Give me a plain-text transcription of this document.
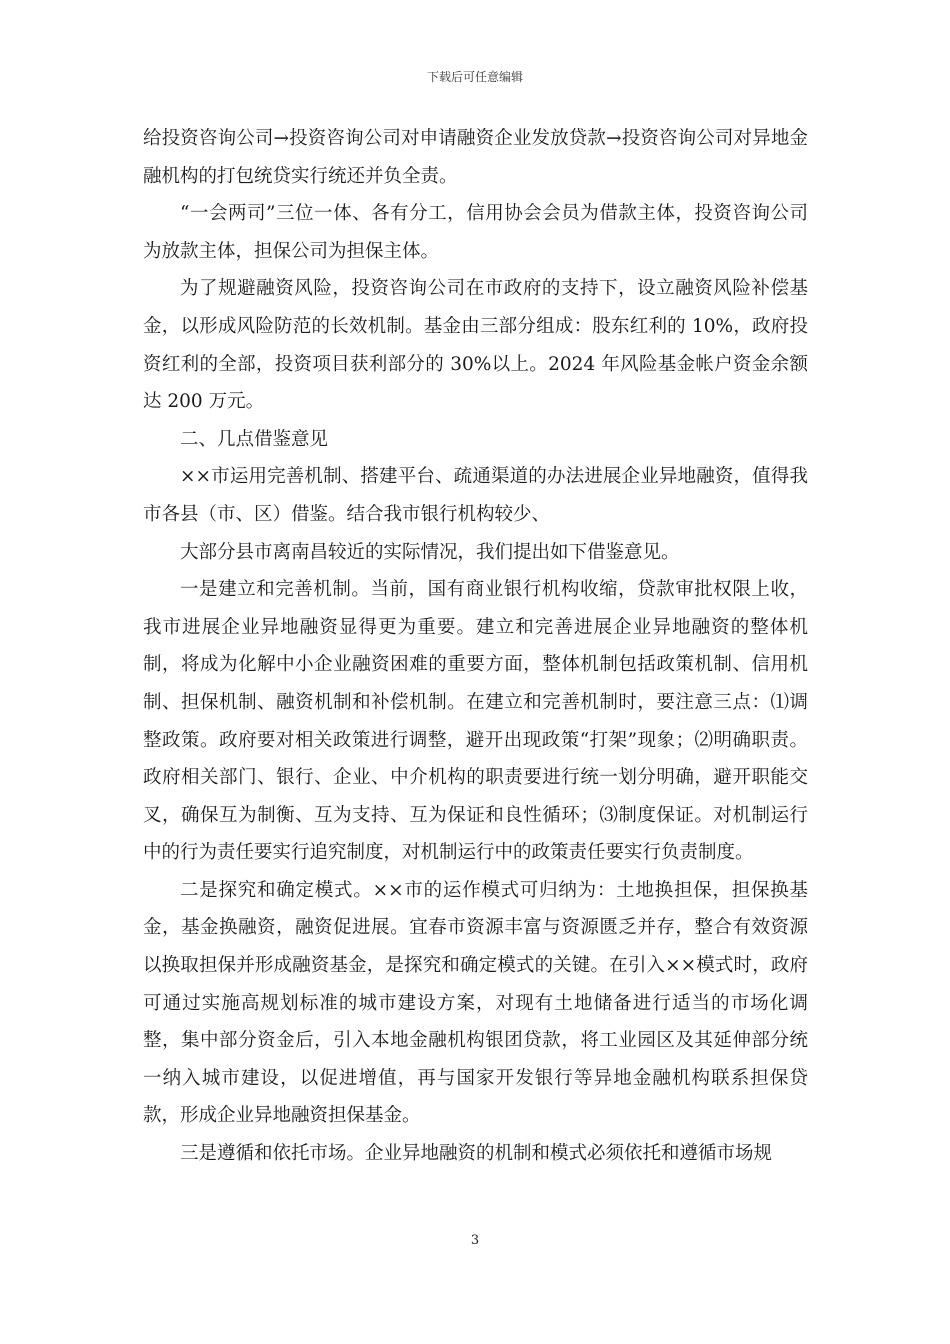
下载后可任意编辑

给投资咨询公司→投资咨询公司对申请融资企业发放贷款→投资咨询公司对异地金融机构的打包统贷实行统还并负全责。

“一会两司”三位一体、各有分工，信用协会会员为借款主体，投资咨询公司为放款主体，担保公司为担保主体。

为了规避融资风险，投资咨询公司在市政府的支持下，设立融资风险补偿基金，以形成风险防范的长效机制。基金由三部分组成：股东红利的 10%，政府投资红利的全部，投资项目获利部分的 30%以上。2024 年风险基金帐户资金余额达 200 万元。

二、几点借鉴意见

××市运用完善机制、搭建平台、疏通渠道的办法进展企业异地融资，值得我市各县（市、区）借鉴。结合我市银行机构较少、

大部分县市离南昌较近的实际情况，我们提出如下借鉴意见。

一是建立和完善机制。当前，国有商业银行机构收缩，贷款审批权限上收，我市进展企业异地融资显得更为重要。建立和完善进展企业异地融资的整体机制，将成为化解中小企业融资困难的重要方面，整体机制包括政策机制、信用机制、担保机制、融资机制和补偿机制。在建立和完善机制时，要注意三点：⑴调整政策。政府要对相关政策进行调整，避开出现政策“打架”现象；⑵明确职责。政府相关部门、银行、企业、中介机构的职责要进行统一划分明确，避开职能交叉，确保互为制衡、互为支持、互为保证和良性循环；⑶制度保证。对机制运行中的行为责任要实行追究制度，对机制运行中的政策责任要实行负责制度。

二是探究和确定模式。××市的运作模式可归纳为：土地换担保，担保换基金，基金换融资，融资促进展。宜春市资源丰富与资源匮乏并存，整合有效资源以换取担保并形成融资基金，是探究和确定模式的关键。在引入××模式时，政府可通过实施高规划标准的城市建设方案，对现有土地储备进行适当的市场化调整，集中部分资金后，引入本地金融机构银团贷款，将工业园区及其延伸部分统一纳入城市建设，以促进增值，再与国家开发银行等异地金融机构联系担保贷款，形成企业异地融资担保基金。

三是遵循和依托市场。企业异地融资的机制和模式必须依托和遵循市场规

3
